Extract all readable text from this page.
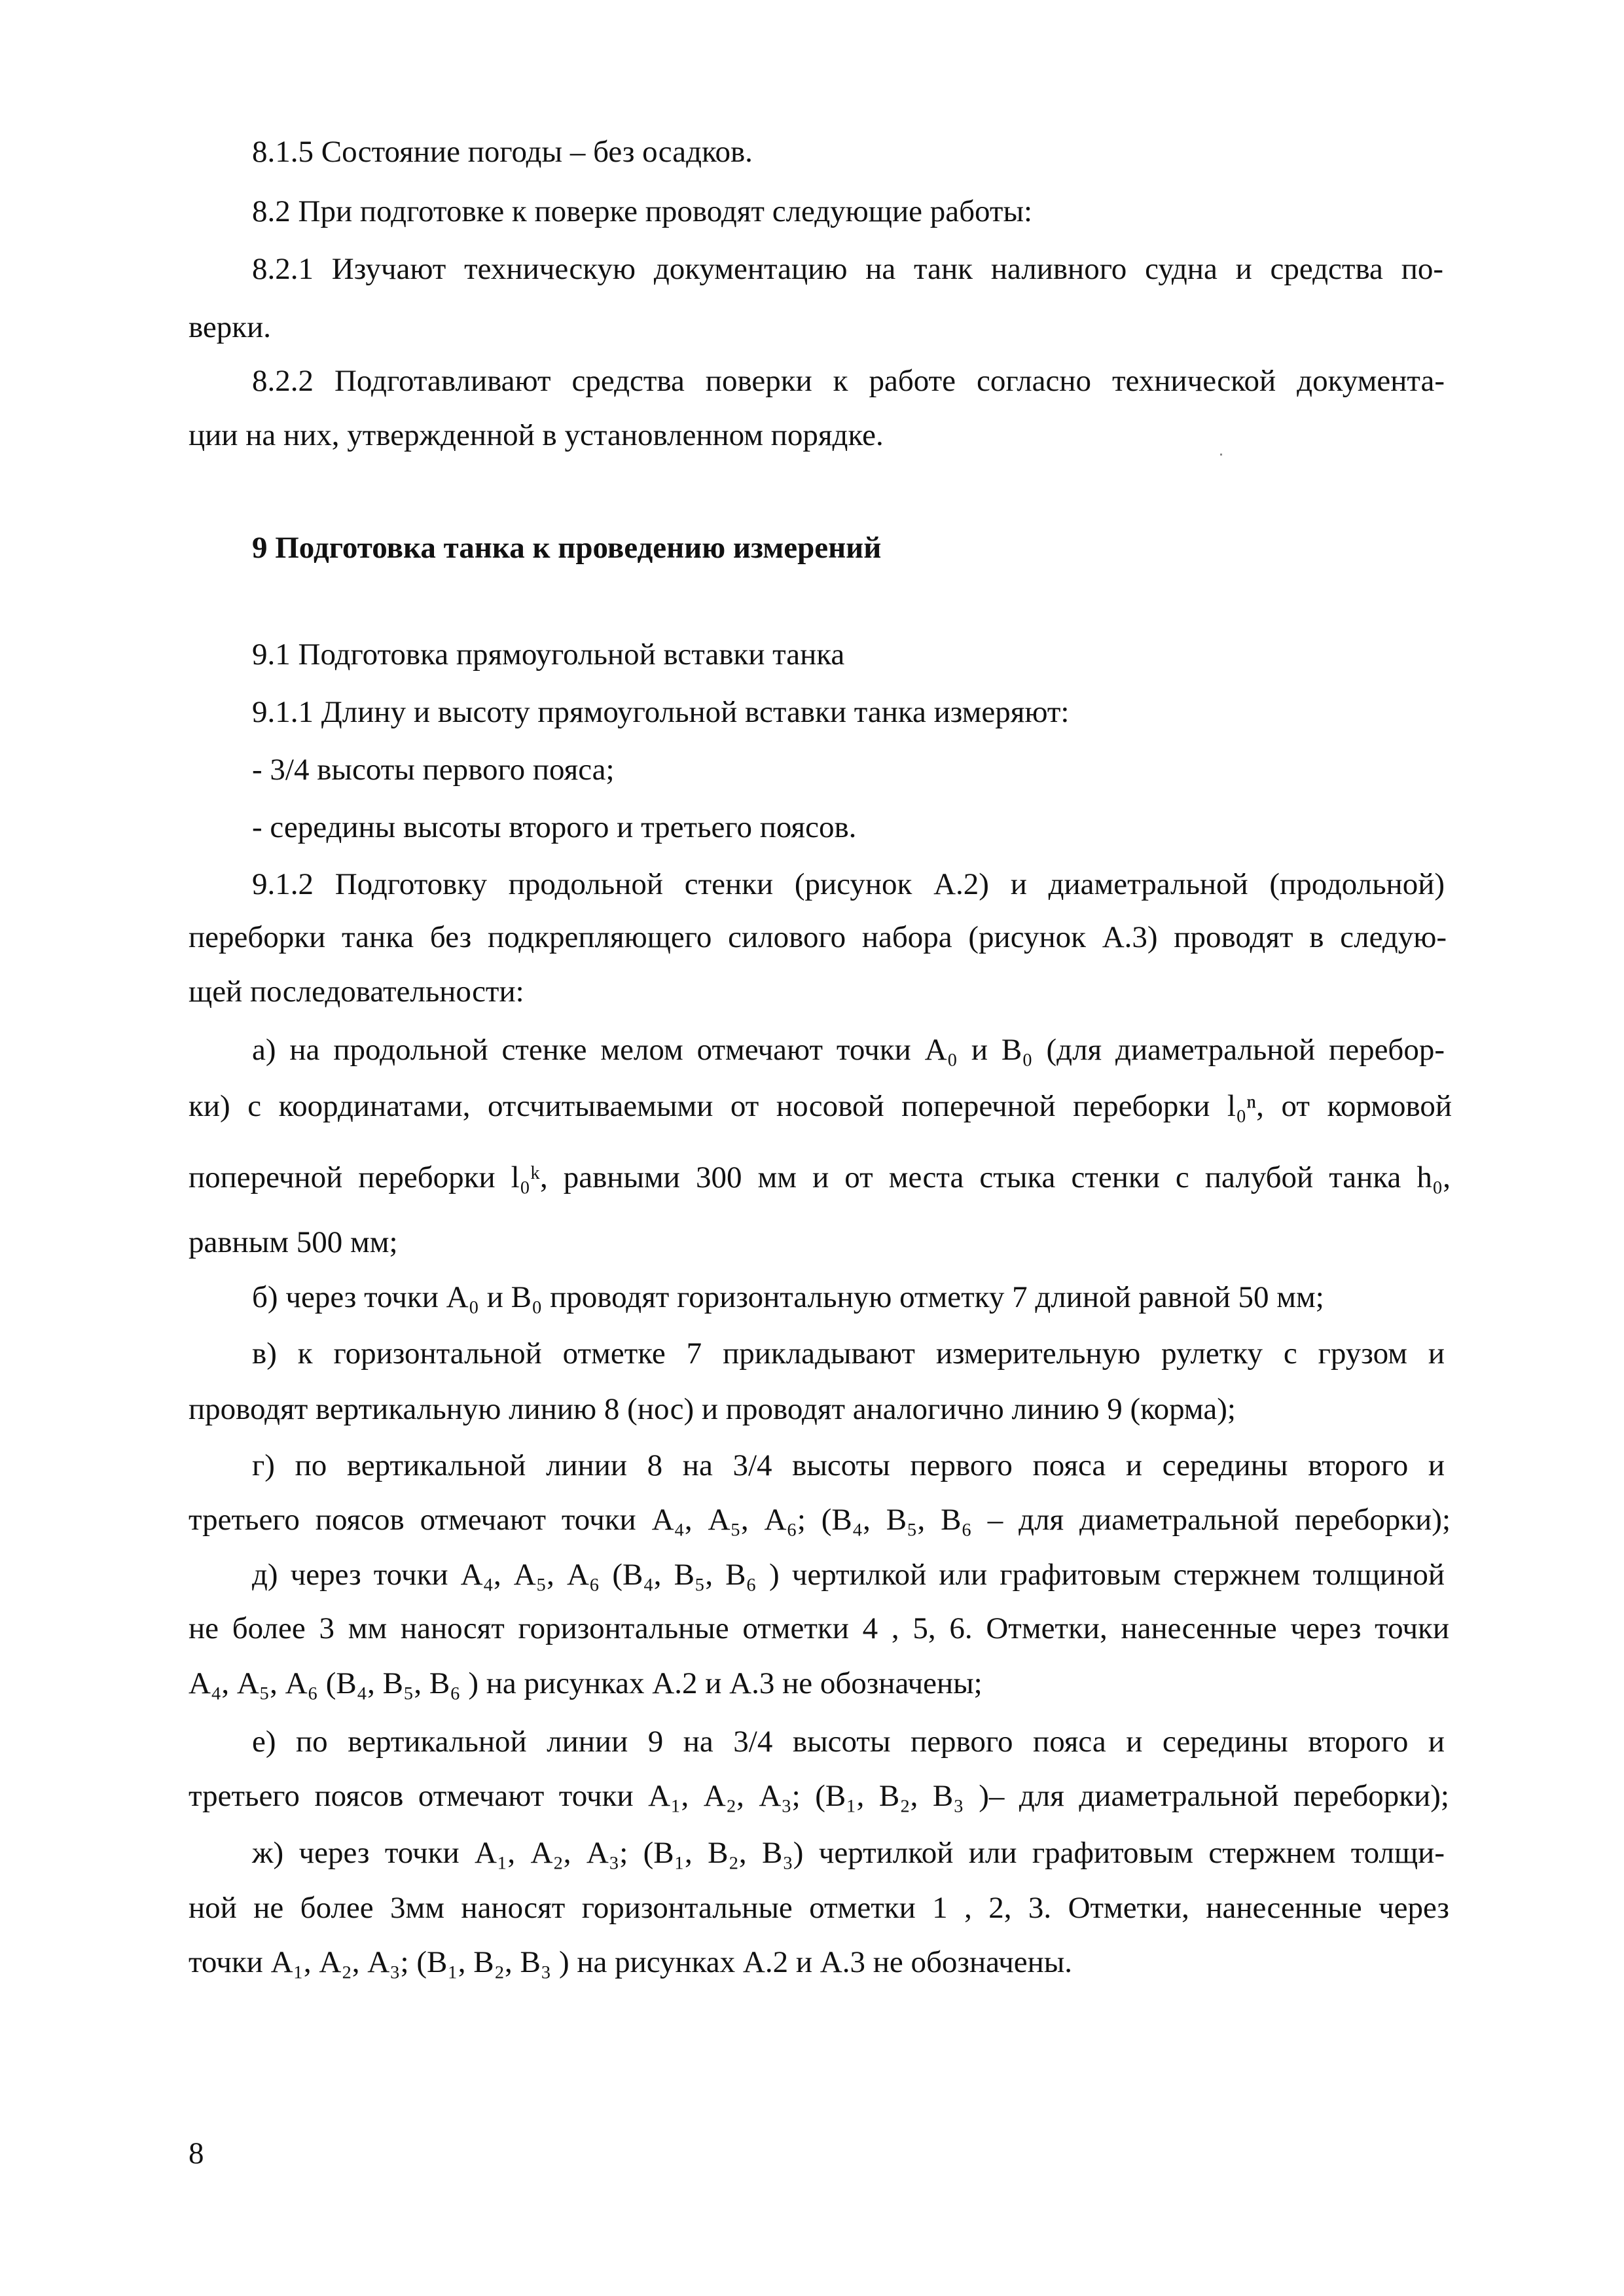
8.1.5 Состояние погоды – без осадков.

8.2 При подготовке к поверке проводят следующие работы:

8.2.1 Изучают техническую документацию на танк наливного судна и средства по-

верки.

8.2.2 Подготавливают средства поверки к работе согласно технической документа-

ции на них, утвержденной в установленном порядке.

9 Подготовка танка к проведению измерений

9.1 Подготовка прямоугольной вставки танка

9.1.1 Длину и высоту прямоугольной вставки танка измеряют:

- 3/4 высоты первого пояса;

- середины высоты второго и третьего поясов.

9.1.2 Подготовку продольной стенки (рисунок А.2) и диаметральной (продольной)

переборки танка без подкрепляющего силового набора (рисунок А.3) проводят в следую-

щей последовательности:

а) на продольной стенке мелом отмечают точки А₀ и В₀ (для диаметральной перебор-

ки) с координатами, отсчитываемыми от носовой поперечной переборки l₀ⁿ, от кормовой

поперечной переборки l₀ᵏ, равными 300 мм и от места стыка стенки с палубой танка h₀,

равным 500 мм;

б) через точки А₀ и В₀ проводят горизонтальную отметку 7 длиной равной 50 мм;

в) к горизонтальной отметке 7 прикладывают измерительную рулетку с грузом и

проводят вертикальную линию 8 (нос) и проводят аналогично линию 9 (корма);

г) по вертикальной линии 8 на 3/4 высоты первого пояса и середины второго и

третьего поясов отмечают точки А₄, А₅, А₆; (В₄, В₅, В₆ – для диаметральной переборки);

д) через точки А₄, А₅, А₆ (В₄, В₅, В₆ ) чертилкой или графитовым стержнем толщиной

не более 3 мм наносят горизонтальные отметки 4 , 5, 6. Отметки, нанесенные через точки

А₄, А₅, А₆ (В₄, В₅, В₆ ) на рисунках А.2 и А.3 не обозначены;

е) по вертикальной линии 9 на 3/4 высоты первого пояса и середины второго и

третьего поясов отмечают точки А₁, А₂, А₃; (В₁, В₂, В₃ )– для диаметральной переборки);

ж) через точки А₁, А₂, А₃; (В₁, В₂, В₃) чертилкой или графитовым стержнем толщи-

ной не более 3мм наносят горизонтальные отметки 1 , 2, 3. Отметки, нанесенные через

точки А₁, А₂, А₃; (В₁, В₂, В₃ ) на рисунках А.2 и А.3 не обозначены.

8
